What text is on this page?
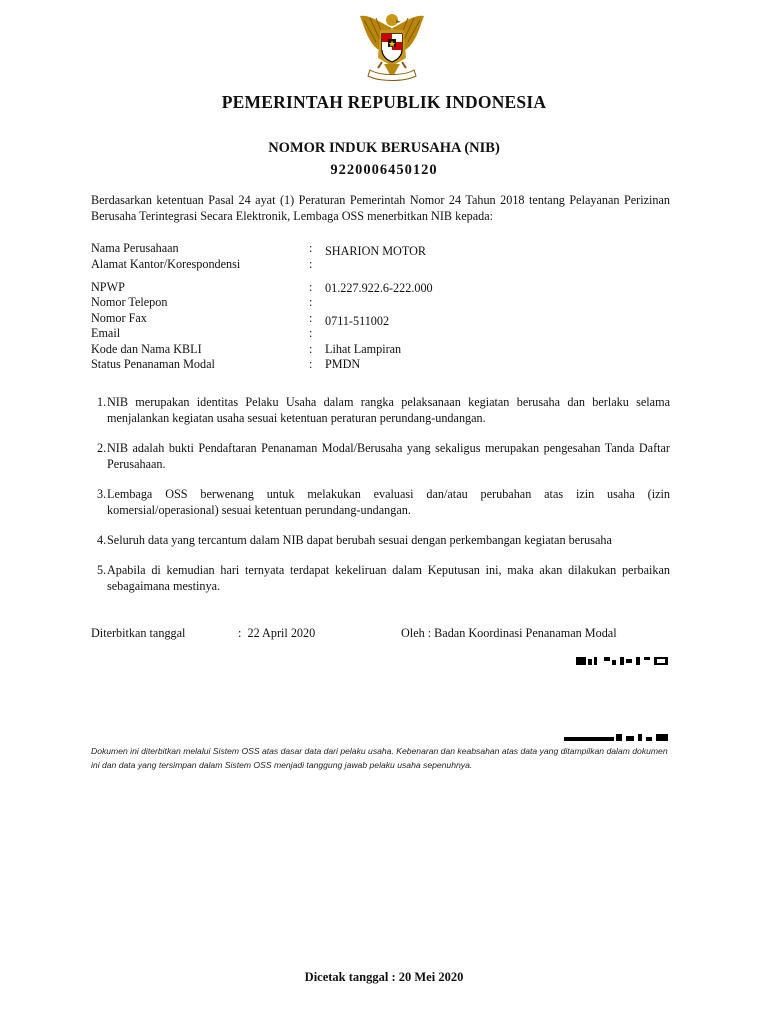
PEMERINTAH REPUBLIK INDONESIA
NOMOR INDUK BERUSAHA (NIB)
9220006450120
Berdasarkan ketentuan Pasal 24 ayat (1) Peraturan Pemerintah Nomor 24 Tahun 2018 tentang Pelayanan Perizinan Berusaha Terintegrasi Secara Elektronik, Lembaga OSS menerbitkan NIB kepada:
Nama Perusahaan	: SHARION MOTOR
Alamat Kantor/Korespondensi	:
NPWP	: 01.227.922.6-222.000
Nomor Telepon	:
Nomor Fax	: 0711-511002
Email	:
Kode dan Nama KBLI	: Lihat Lampiran
Status Penanaman Modal	: PMDN
1. NIB merupakan identitas Pelaku Usaha dalam rangka pelaksanaan kegiatan berusaha dan berlaku selama menjalankan kegiatan usaha sesuai ketentuan peraturan perundang-undangan.
2. NIB adalah bukti Pendaftaran Penanaman Modal/Berusaha yang sekaligus merupakan pengesahan Tanda Daftar Perusahaan.
3. Lembaga OSS berwenang untuk melakukan evaluasi dan/atau perubahan atas izin usaha (izin komersial/operasional) sesuai ketentuan perundang-undangan.
4. Seluruh data yang tercantum dalam NIB dapat berubah sesuai dengan perkembangan kegiatan berusaha
5. Apabila di kemudian hari ternyata terdapat kekeliruan dalam Keputusan ini, maka akan dilakukan perbaikan sebagaimana mestinya.
Diterbitkan tanggal	: 22 April 2020	Oleh : Badan Koordinasi Penanaman Modal
Dokumen ini diterbitkan melalui Sistem OSS atas dasar data dari pelaku usaha. Kebenaran dan keabsahan atas data yang ditampilkan dalam dokumen ini dan data yang tersimpan dalam Sistem OSS menjadi tanggung jawab pelaku usaha sepenuhnya.
Dicetak tanggal : 20 Mei 2020
